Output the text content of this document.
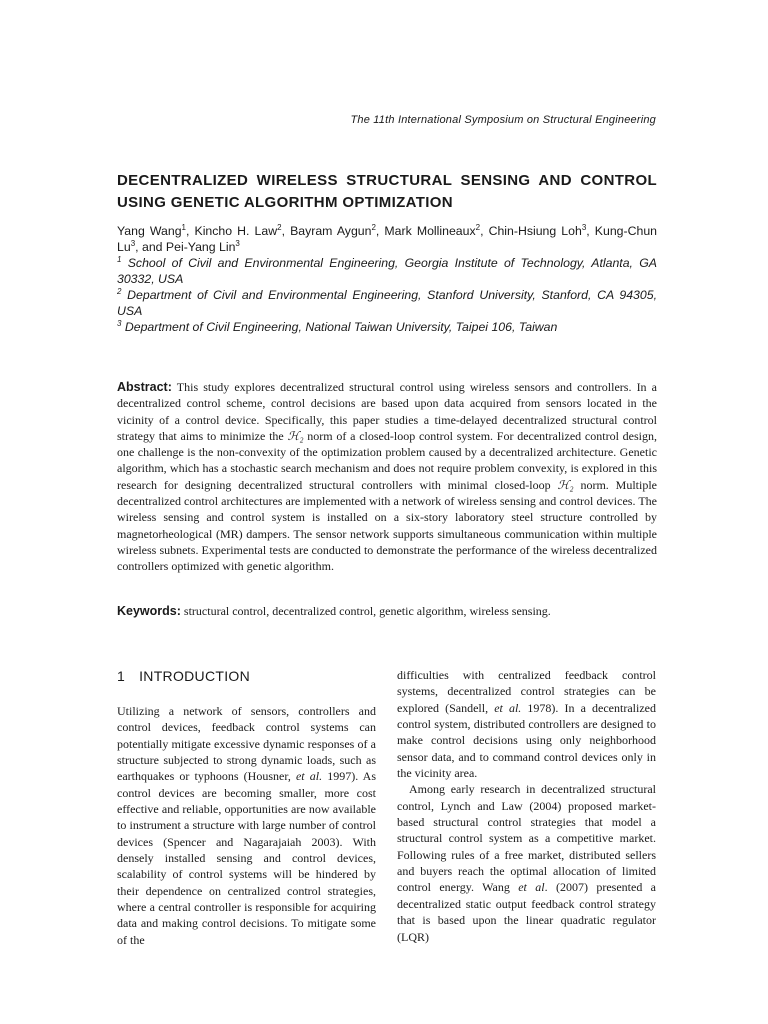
The 11th International Symposium on Structural Engineering
DECENTRALIZED WIRELESS STRUCTURAL SENSING AND CONTROL USING GENETIC ALGORITHM OPTIMIZATION
Yang Wang$^1$, Kincho H. Law$^2$, Bayram Aygun$^2$, Mark Mollineaux$^2$, Chin-Hsiung Loh$^3$, Kung-Chun Lu$^3$, and Pei-Yang Lin$^3$
$^1$ School of Civil and Environmental Engineering, Georgia Institute of Technology, Atlanta, GA 30332, USA
$^2$ Department of Civil and Environmental Engineering, Stanford University, Stanford, CA 94305, USA
$^3$ Department of Civil Engineering, National Taiwan University, Taipei 106, Taiwan
Abstract: This study explores decentralized structural control using wireless sensors and controllers. In a decentralized control scheme, control decisions are based upon data acquired from sensors located in the vicinity of a control device. Specifically, this paper studies a time-delayed decentralized structural control strategy that aims to minimize the ℋ₂ norm of a closed-loop control system. For decentralized control design, one challenge is the non-convexity of the optimization problem caused by a decentralized architecture. Genetic algorithm, which has a stochastic search mechanism and does not require problem convexity, is explored in this research for designing decentralized structural controllers with minimal closed-loop ℋ₂ norm. Multiple decentralized control architectures are implemented with a network of wireless sensing and control devices. The wireless sensing and control system is installed on a six-story laboratory steel structure controlled by magnetorheological (MR) dampers. The sensor network supports simultaneous communication within multiple wireless subnets. Experimental tests are conducted to demonstrate the performance of the wireless decentralized controllers optimized with genetic algorithm.
Keywords: structural control, decentralized control, genetic algorithm, wireless sensing.
1 INTRODUCTION

Utilizing a network of sensors, controllers and control devices, feedback control systems can potentially mitigate excessive dynamic responses of a structure subjected to strong dynamic loads, such as earthquakes or typhoons (Housner, et al. 1997). As control devices are becoming smaller, more cost effective and reliable, opportunities are now available to instrument a structure with large number of control devices (Spencer and Nagarajaiah 2003). With densely installed sensing and control devices, scalability of control systems will be hindered by their dependence on centralized control strategies, where a central controller is responsible for acquiring data and making control decisions. To mitigate some of the

difficulties with centralized feedback control systems, decentralized control strategies can be explored (Sandell, et al. 1978). In a decentralized control system, distributed controllers are designed to make control decisions using only neighborhood sensor data, and to command control devices only in the vicinity area.

Among early research in decentralized structural control, Lynch and Law (2004) proposed market-based structural control strategies that model a structural control system as a competitive market. Following rules of a free market, distributed sellers and buyers reach the optimal allocation of limited control energy. Wang et al. (2007) presented a decentralized static output feedback control strategy that is based upon the linear quadratic regulator (LQR)
